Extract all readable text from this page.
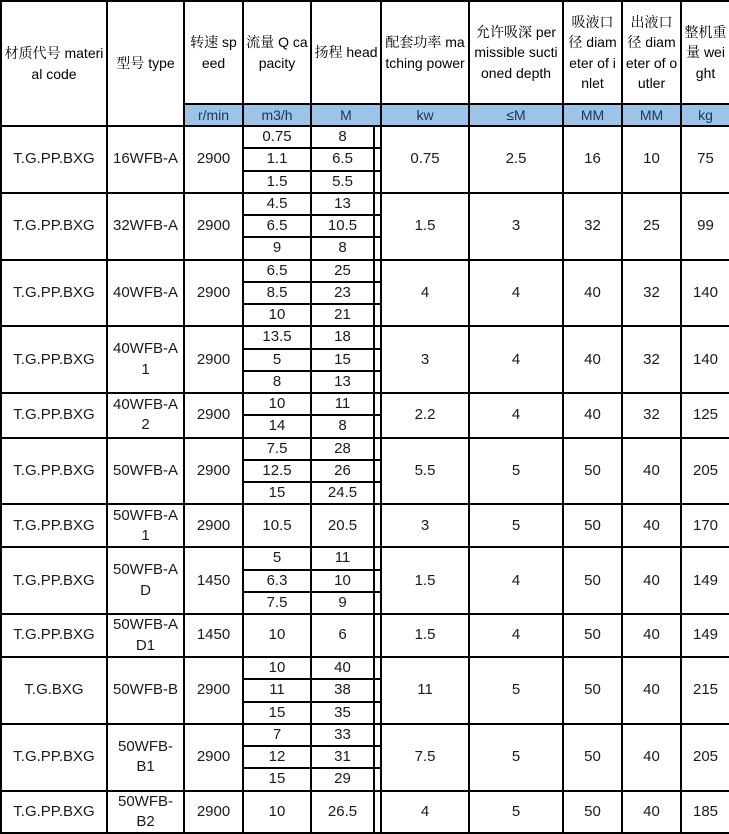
材质代号 material code	型号 type	转速 speed	流量 Q capacity	扬程 head		配套功率 matching power	允许吸深 permissible suctioned depth	吸液口径 diameter of inlet	出液口径 diameter of outler	整机重量 weight
		r/min	m3/h	M		kw	≤M	MM	MM	kg
T.G.PP.BXG	16WFB-A	2900	0.75	8		0.75	2.5	16	10	75
			1.1	6.5						
			1.5	5.5						
T.G.PP.BXG	32WFB-A	2900	4.5	13		1.5	3	32	25	99
			6.5	10.5						
			9	8						
T.G.PP.BXG	40WFB-A	2900	6.5	25		4	4	40	32	140
			8.5	23						
			10	21						
T.G.PP.BXG	40WFB-A 1	2900	13.5	18		3	4	40	32	140
			5	15						
			8	13						
T.G.PP.BXG	40WFB-A 2	2900	10	11		2.2	4	40	32	125
			14	8						
T.G.PP.BXG	50WFB-A	2900	7.5	28		5.5	5	50	40	205
			12.5	26						
			15	24.5						
T.G.PP.BXG	50WFB-A 1	2900	10.5	20.5		3	5	50	40	170
T.G.PP.BXG	50WFB-A D	1450	5	11		1.5	4	50	40	149
			6.3	10						
			7.5	9						
T.G.PP.BXG	50WFB-A D1	1450	10	6		1.5	4	50	40	149
T.G.BXG	50WFB-B	2900	10	40		11	5	50	40	215
			11	38						
			15	35						
T.G.PP.BXG	50WFB-B1	2900	7	33		7.5	5	50	40	205
			12	31						
			15	29						
T.G.PP.BXG	50WFB-B2	2900	10	26.5		4	5	50	40	185
